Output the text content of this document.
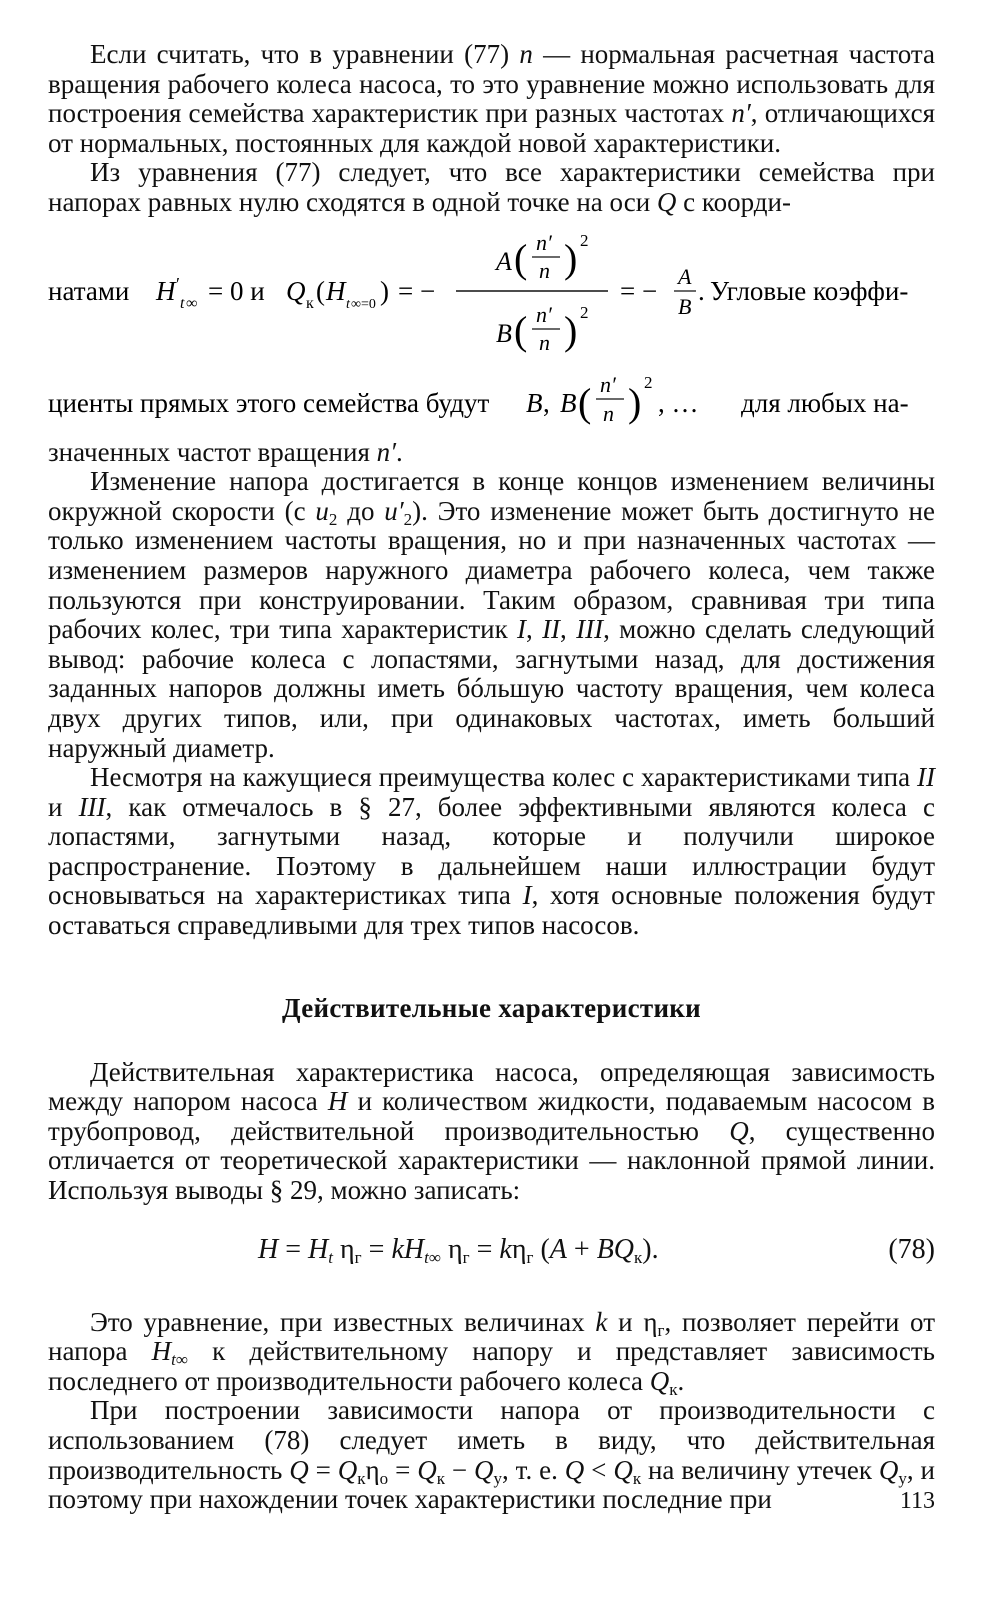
Если считать, что в уравнении (77) n — нормальная расчетная частота вращения рабочего колеса насоса, то это уравнение можно использовать для построения семейства характеристик при разных частотах n′, отличающихся от нормальных, постоянных для каждой новой характеристики.

Из уравнения (77) следует, что все характеристики семейства при напорах равных нулю сходятся в одной точке на оси Q с коорди-

натами H ′
t ∞ = 0 и Q к ( H t ∞=0 ) = −
A ( n′
n ) 2
B ( n′
n ) 2
= − A
B
. Угловые коэффи-
циенты прямых этого семейства будут B , B ( n′
n ) 2
, … для любых на-

значенных частот вращения n′.

Изменение напора достигается в конце концов изменением величины окружной скорости (с $u_2$ до $u'_2$). Это изменение может быть достигнуто не только изменением частоты вращения, но и при назначенных частотах — изменением размеров наружного диаметра рабочего колеса, чем также пользуются при конструировании. Таким образом, сравнивая три типа рабочих колес, три типа характеристик I, II, III, можно сделать следующий вывод: рабочие колеса с лопастями, загнутыми назад, для достижения заданных напоров должны иметь бóльшую частоту вращения, чем колеса двух других типов, или, при одинаковых частотах, иметь больший наружный диаметр.

Несмотря на кажущиеся преимущества колес с характеристиками типа II и III, как отмечалось в § 27, более эффективными являются колеса с лопастями, загнутыми назад, которые и получили широкое распространение. Поэтому в дальнейшем наши иллюстрации будут основываться на характеристиках типа I, хотя основные положения будут оставаться справедливыми для трех типов насосов.

Действительные характеристики

Действительная характеристика насоса, определяющая зависимость между напором насоса H и количеством жидкости, подаваемым насосом в трубопровод, действительной производительностью Q, существенно отличается от теоретической характеристики — наклонной прямой линии. Используя выводы § 29, можно записать:

$H = H_t$ $\eta_г = kH_{t\infty}$ $\eta_г = k\eta_г$ $(A + BQ_к)$.	(78)

Это уравнение, при известных величинах k и $\eta_г$, позволяет перейти от напора $H_{t\infty}$ к действительному напору и представляет зависимость последнего от производительности рабочего колеса $Q_к$.

При построении зависимости напора от производительности с использованием (78) следует иметь в виду, что действительная производительность $Q = Q_к\eta_о = Q_к - Q_у$, т. е. $Q < Q_к$ на величину утечек $Q_у$, и поэтому при нахождении точек характеристики последние при	113
